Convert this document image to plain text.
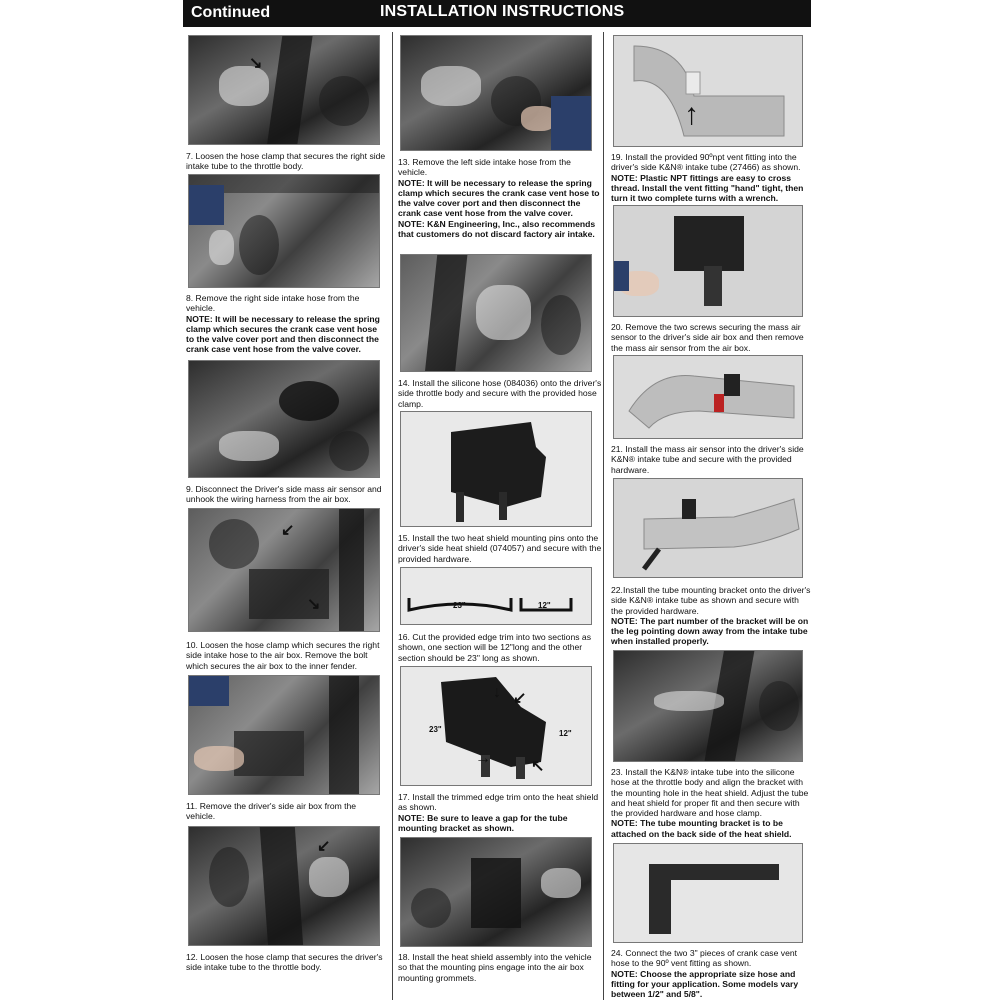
Continued	INSTALLATION INSTRUCTIONS
↘
7. Loosen the hose clamp that secures the right side intake tube to the throttle body.
8. Remove the right side intake hose from the vehicle.
NOTE: It will be necessary to release the spring clamp which secures the crank case vent hose to the valve cover port and then disconnect the crank case vent hose from the valve cover.
9. Disconnect the Driver's side mass air sensor and unhook the wiring harness from the air box.
↙
↘
10. Loosen the hose clamp which secures the right side intake hose to the air box. Remove the bolt which secures the air box to the inner fender.
11. Remove the driver's side air box from the vehicle.
↙
12. Loosen the hose clamp that secures the driver's side intake tube to the throttle body.
13. Remove the left side intake hose from the vehicle.
NOTE: It will be necessary to release the spring clamp which secures the crank case vent hose to the valve cover port and then disconnect the crank case vent hose from the valve cover.
NOTE: K&N Engineering, Inc., also recommends that customers do not discard factory air intake.
14. Install the silicone hose (084036) onto the driver's side throttle body and secure with the provided hose clamp.
15. Install the two heat shield mounting pins onto the driver's side heat shield (074057) and secure with the provided hardware.
23"	12"
16. Cut the provided edge trim into two sections as shown, one section will be 12"long and the other section should be 23" long as shown.
23"	12"
↓ ↙
→	↖
17. Install the trimmed edge trim onto the heat shield as shown.
NOTE: Be sure to leave a gap for the tube mounting bracket as shown.
18. Install the heat shield assembly into the vehicle so that the mounting pins engage into the air box mounting grommets.
↑
19. Install the provided 90ºnpt vent fitting into the driver's side K&N® intake tube (27466) as shown.
NOTE: Plastic NPT fittings are easy to cross thread. Install the vent fitting "hand" tight, then turn it two complete turns with a wrench.
20. Remove the two screws securing the mass air sensor to the driver's side air box and then remove the mass air sensor from the air box.
21. Install the mass air sensor into the driver's side K&N® intake tube and secure with the provided hardware.
22.Install the tube mounting bracket onto the driver's side K&N® intake tube as shown and secure with the provided hardware.
NOTE: The part number of the bracket will be on the leg pointing down away from the intake tube when installed properly.
23. Install the K&N® intake tube into the silicone hose at the throttle body and align the bracket with the mounting hole in the heat shield. Adjust the tube and heat shield for proper fit and then secure with the provided hardware and hose clamp.
NOTE: The tube mounting bracket is to be attached on the back side of the heat shield.
24. Connect the two 3" pieces of crank case vent hose to the 90º vent fitting as shown.
NOTE: Choose the appropriate size hose and fitting for your application. Some models vary between 1/2" and 5/8".
